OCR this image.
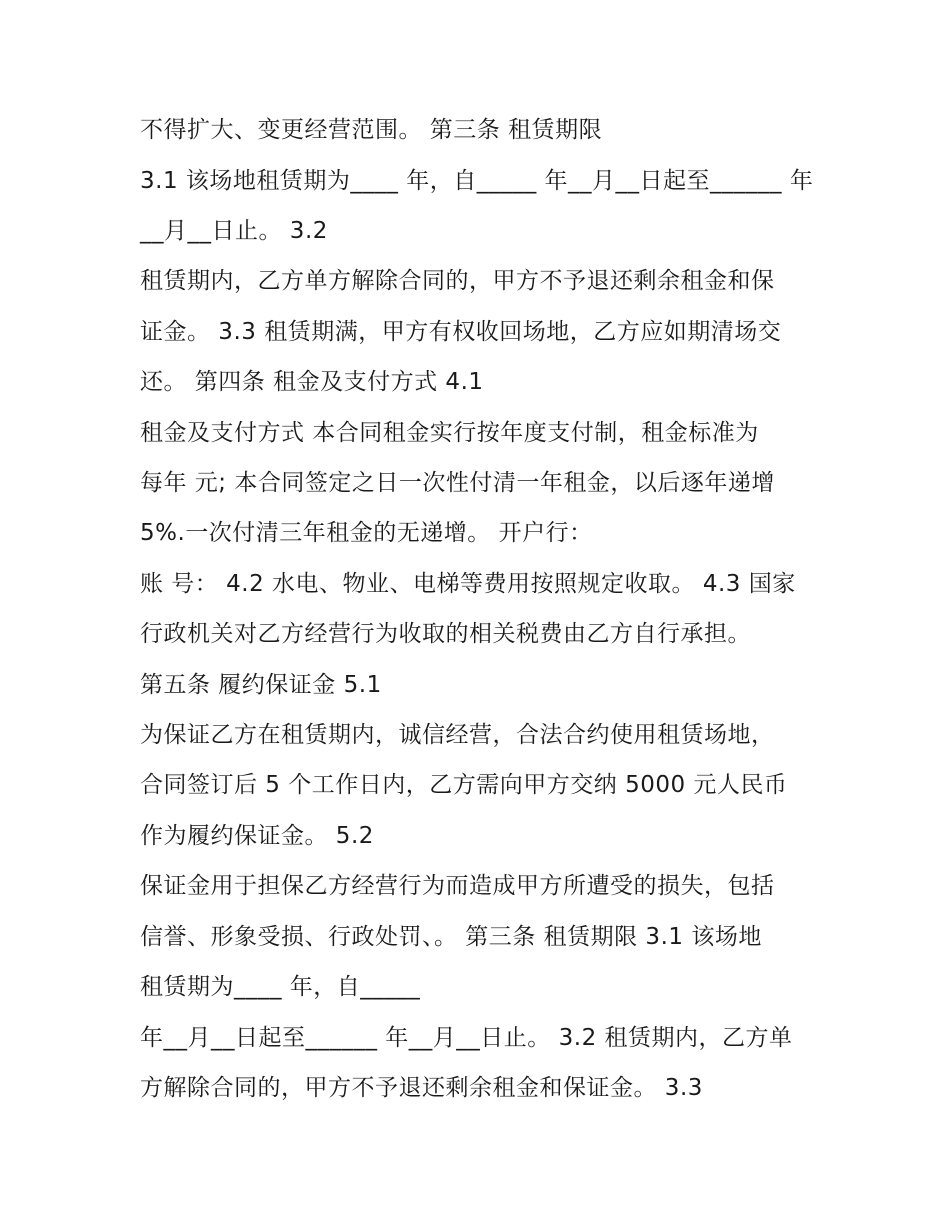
不得扩大、变更经营范围。 第三条 租赁期限
3.1 该场地租赁期为____ 年，自_____ 年__月__日起至______ 年
__月__日止。 3.2
租赁期内，乙方单方解除合同的，甲方不予退还剩余租金和保
证金。 3.3 租赁期满，甲方有权收回场地，乙方应如期清场交
还。 第四条 租金及支付方式 4.1
租金及支付方式 本合同租金实行按年度支付制，租金标准为
每年 元; 本合同签定之日一次性付清一年租金，以后逐年递增
5%.一次付清三年租金的无递增。 开户行：
账 号： 4.2 水电、物业、电梯等费用按照规定收取。 4.3 国家
行政机关对乙方经营行为收取的相关税费由乙方自行承担。
第五条 履约保证金 5.1
为保证乙方在租赁期内，诚信经营，合法合约使用租赁场地，
合同签订后 5 个工作日内，乙方需向甲方交纳 5000 元人民币
作为履约保证金。 5.2
保证金用于担保乙方经营行为而造成甲方所遭受的损失，包括
信誉、形象受损、行政处罚、。 第三条 租赁期限 3.1 该场地
租赁期为____ 年，自_____
年__月__日起至______ 年__月__日止。 3.2 租赁期内，乙方单
方解除合同的，甲方不予退还剩余租金和保证金。 3.3
